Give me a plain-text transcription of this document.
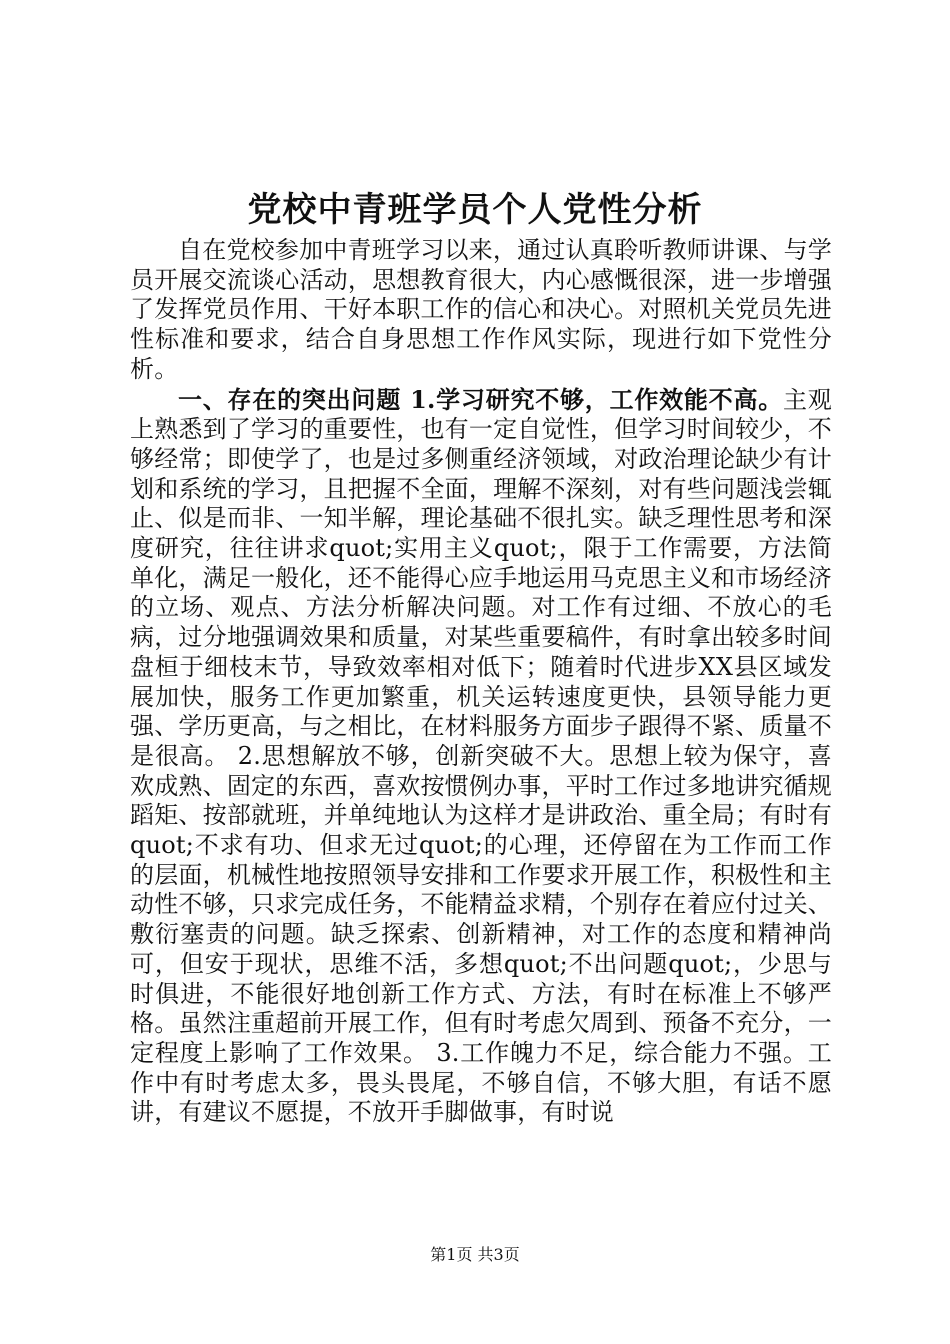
党校中青班学员个人党性分析

自在党校参加中青班学习以来，通过认真聆听教师讲课、与学员开展交流谈心活动，思想教育很大，内心感慨很深，进一步增强了发挥党员作用、干好本职工作的信心和决心。对照机关党员先进性标准和要求，结合自身思想工作作风实际，现进行如下党性分析。

一、存在的突出问题 1.学习研究不够，工作效能不高。主观上熟悉到了学习的重要性，也有一定自觉性，但学习时间较少，不够经常；即使学了，也是过多侧重经济领域，对政治理论缺少有计划和系统的学习，且把握不全面，理解不深刻，对有些问题浅尝辄止、似是而非、一知半解，理论基础不很扎实。缺乏理性思考和深度研究，往往讲求quot;实用主义quot;，限于工作需要，方法简单化，满足一般化，还不能得心应手地运用马克思主义和市场经济的立场、观点、方法分析解决问题。对工作有过细、不放心的毛病，过分地强调效果和质量，对某些重要稿件，有时拿出较多时间盘桓于细枝末节，导致效率相对低下；随着时代进步XX县区域发展加快，服务工作更加繁重，机关运转速度更快，县领导能力更强、学历更高，与之相比，在材料服务方面步子跟得不紧、质量不是很高。 2.思想解放不够，创新突破不大。思想上较为保守，喜欢成熟、固定的东西，喜欢按惯例办事，平时工作过多地讲究循规蹈矩、按部就班，并单纯地认为这样才是讲政治、重全局；有时有quot;不求有功、但求无过quot;的心理，还停留在为工作而工作的层面，机械性地按照领导安排和工作要求开展工作，积极性和主动性不够，只求完成任务，不能精益求精，个别存在着应付过关、敷衍塞责的问题。缺乏探索、创新精神，对工作的态度和精神尚可，但安于现状，思维不活，多想quot;不出问题quot;，少思与时俱进，不能很好地创新工作方式、方法，有时在标准上不够严格。虽然注重超前开展工作，但有时考虑欠周到、预备不充分，一定程度上影响了工作效果。 3.工作魄力不足，综合能力不强。工作中有时考虑太多，畏头畏尾，不够自信，不够大胆，有话不愿讲，有建议不愿提，不放开手脚做事，有时说

第1页 共3页
